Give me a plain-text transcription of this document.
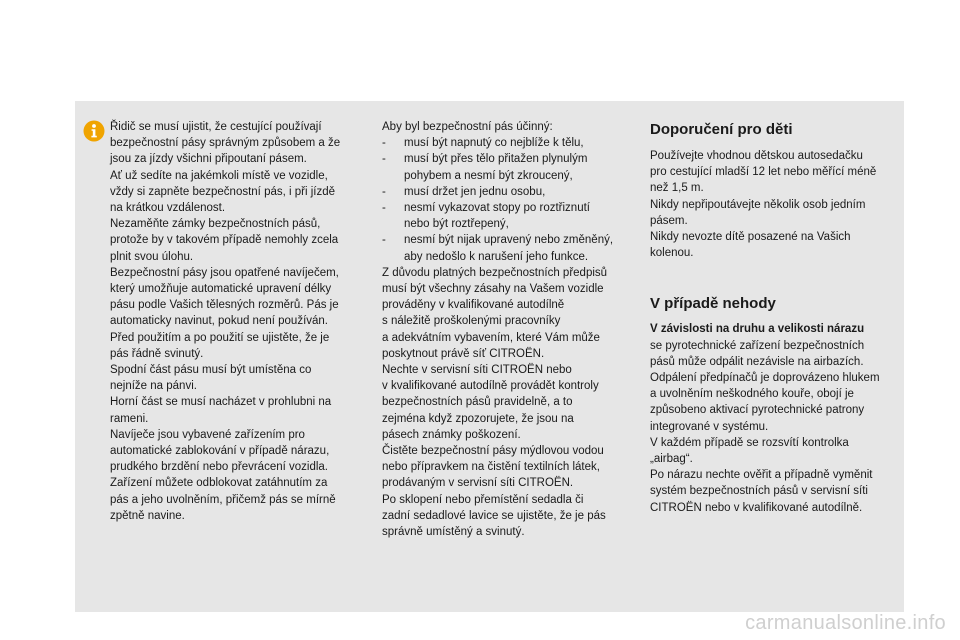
Řidič se musí ujistit, že cestující používají

bezpečnostní pásy správným způsobem a že

jsou za jízdy všichni připoutaní pásem.

Ať už sedíte na jakémkoli místě ve vozidle,

vždy si zapněte bezpečnostní pás, i při jízdě

na krátkou vzdálenost.

Nezaměňte zámky bezpečnostních pásů,

protože by v takovém případě nemohly zcela

plnit svou úlohu.

Bezpečnostní pásy jsou opatřené navíječem,

který umožňuje automatické upravení délky

pásu podle Vašich tělesných rozměrů. Pás je

automaticky navinut, pokud není používán.

Před použitím a po použití se ujistěte, že je

pás řádně svinutý.

Spodní část pásu musí být umístěna co

nejníže na pánvi.

Horní část se musí nacházet v prohlubni na

rameni.

Navíječe jsou vybavené zařízením pro

automatické zablokování v případě nárazu,

prudkého brzdění nebo převrácení vozidla.

Zařízení můžete odblokovat zatáhnutím za

pás a jeho uvolněním, přičemž pás se mírně

zpětně navine.

Aby byl bezpečnostní pás účinný:

-	musí být napnutý co nejblíže k tělu,
-	musí být přes tělo přitažen plynulým
pohybem a nesmí být zkroucený,
-	musí držet jen jednu osobu,
-	nesmí vykazovat stopy po roztřiznutí
nebo být roztřepený,
-	nesmí být nijak upravený nebo změněný,
aby nedošlo k narušení jeho funkce.

Z důvodu platných bezpečnostních předpisů

musí být všechny zásahy na Vašem vozidle

prováděny v kvalifikované autodílně

s náležitě proškolenými pracovníky

a adekvátním vybavením, které Vám může

poskytnout právě síť CITROËN.

Nechte v servisní síti CITROËN nebo

v kvalifikované autodílně provádět kontroly

bezpečnostních pásů pravidelně, a to

zejména když zpozorujete, že jsou na

pásech známky poškození.

Čistěte bezpečnostní pásy mýdlovou vodou

nebo přípravkem na čistění textilních látek,

prodávaným v servisní síti CITROËN.

Po sklopení nebo přemístění sedadla či

zadní sedadlové lavice se ujistěte, že je pás

správně umístěný a svinutý.

Doporučení pro děti

Používejte vhodnou dětskou autosedačku

pro cestující mladší 12 let nebo měřící méně

než 1,5 m.

Nikdy nepřipoutávejte několik osob jedním

pásem.

Nikdy nevozte dítě posazené na Vašich

kolenou.

V případě nehody

V závislosti na druhu a velikosti nárazu

se pyrotechnické zařízení bezpečnostních

pásů může odpálit nezávisle na airbazích.

Odpálení předpínačů je doprovázeno hlukem

a uvolněním neškodného kouře, obojí je

způsobeno aktivací pyrotechnické patrony

integrované v systému.

V každém případě se rozsvítí kontrolka

„airbag“.

Po nárazu nechte ověřit a případně vyměnit

systém bezpečnostních pásů v servisní síti

CITROËN nebo v kvalifikované autodílně.

carmanualsonline.info
